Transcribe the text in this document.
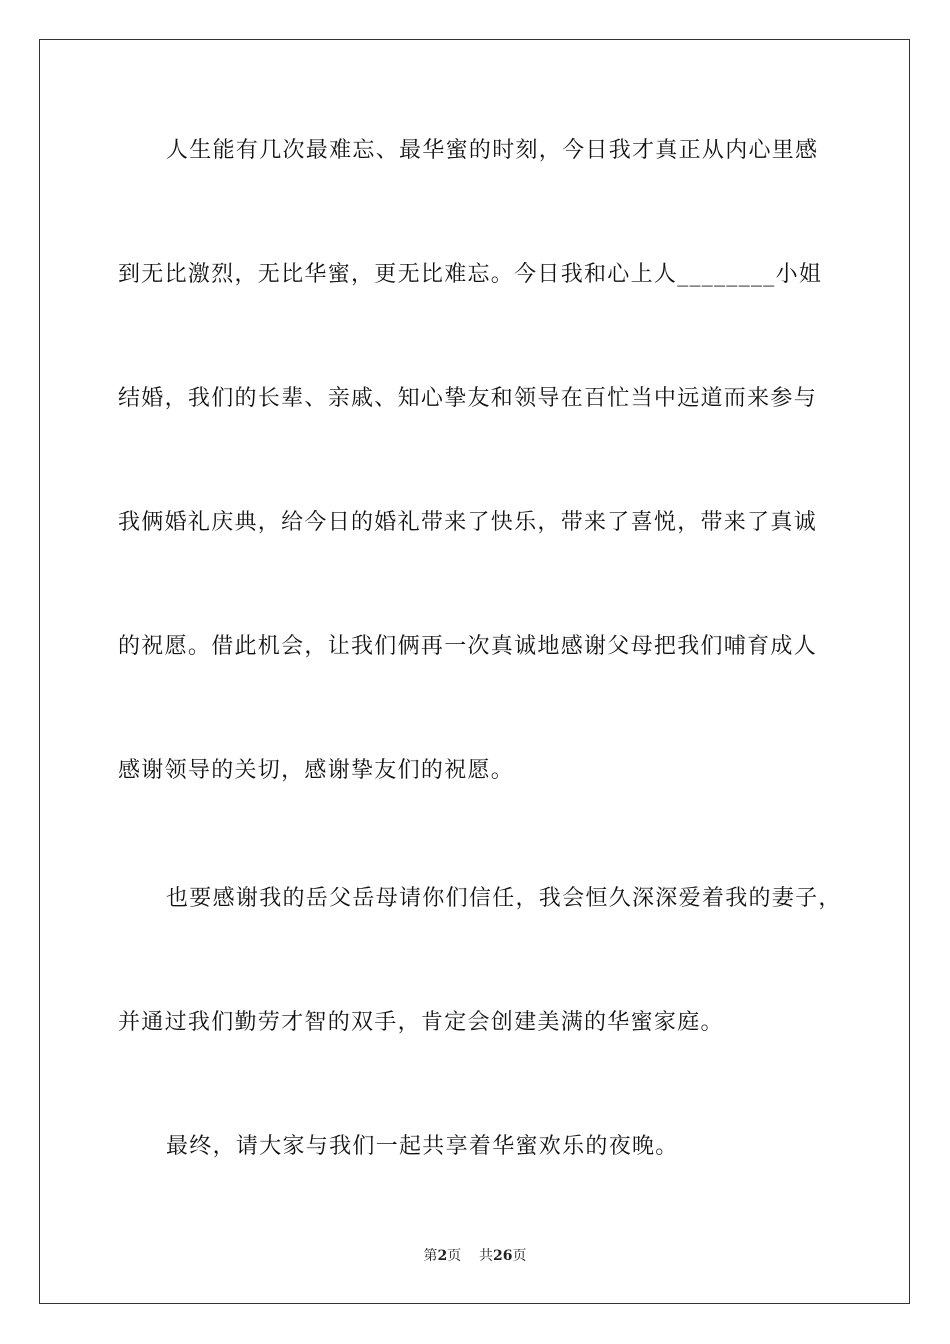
人生能有几次最难忘、最华蜜的时刻，今日我才真正从内心里感
到无比激烈，无比华蜜，更无比难忘。今日我和心上人________小姐
结婚，我们的长辈、亲戚、知心挚友和领导在百忙当中远道而来参与
我俩婚礼庆典，给今日的婚礼带来了快乐，带来了喜悦，带来了真诚
的祝愿。借此机会，让我们俩再一次真诚地感谢父母把我们哺育成人
感谢领导的关切，感谢挚友们的祝愿。
也要感谢我的岳父岳母请你们信任，我会恒久深深爱着我的妻子，
并通过我们勤劳才智的双手，肯定会创建美满的华蜜家庭。
最终，请大家与我们一起共享着华蜜欢乐的夜晚。
第2页 共26页
